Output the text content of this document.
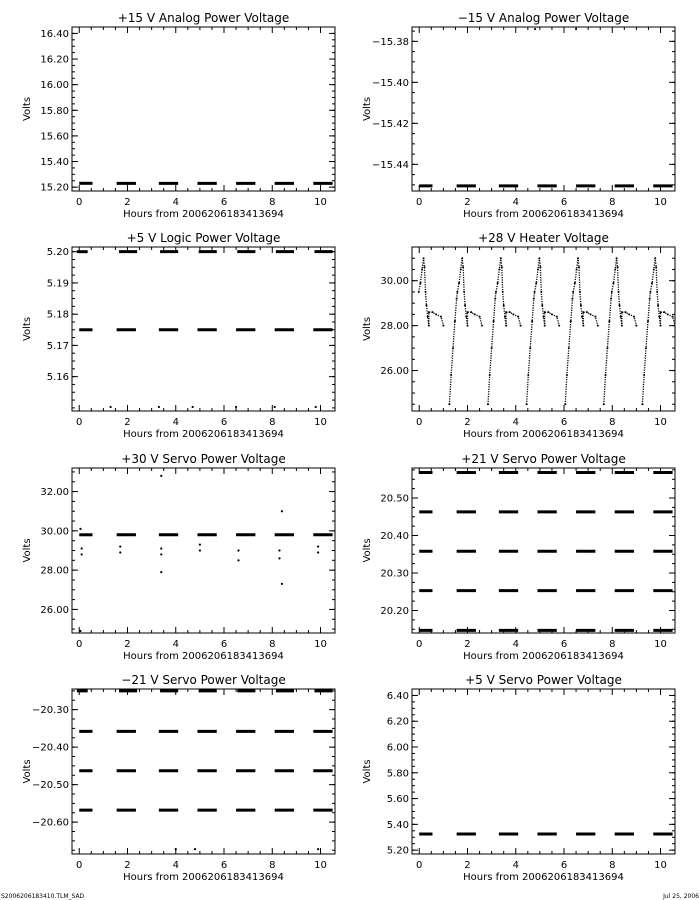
+15 V Analog Power Voltage
0	2	4	6	8	10
15.20
15.40
15.60
15.80
16.00
16.20
16.40
Hours from 2006206183413694
Volts
−15 V Analog Power Voltage
0	2	4	6	8	10
−15.44
−15.42
−15.40
−15.38
Hours from 2006206183413694
Volts
+5 V Logic Power Voltage
0	2	4	6	8	10
5.16
5.17
5.18
5.19
5.20
Hours from 2006206183413694
Volts
+28 V Heater Voltage
0	2	4	6	8	10
26.00
28.00
30.00
Hours from 2006206183413694
Volts
+30 V Servo Power Voltage
0	2	4	6	8	10
26.00
28.00
30.00
32.00
Hours from 2006206183413694
Volts
+21 V Servo Power Voltage
0	2	4	6	8	10
20.20
20.30
20.40
20.50
Hours from 2006206183413694
Volts
−21 V Servo Power Voltage
0	2	4	6	8	10
−20.60
−20.50
−20.40
−20.30
Hours from 2006206183413694
Volts
+5 V Servo Power Voltage
0	2	4	6	8	10
5.20
5.40
5.60
5.80
6.00
6.20
6.40
Hours from 2006206183413694
Volts
S2006206183410.TLM_SAD	Jul 25, 2006
